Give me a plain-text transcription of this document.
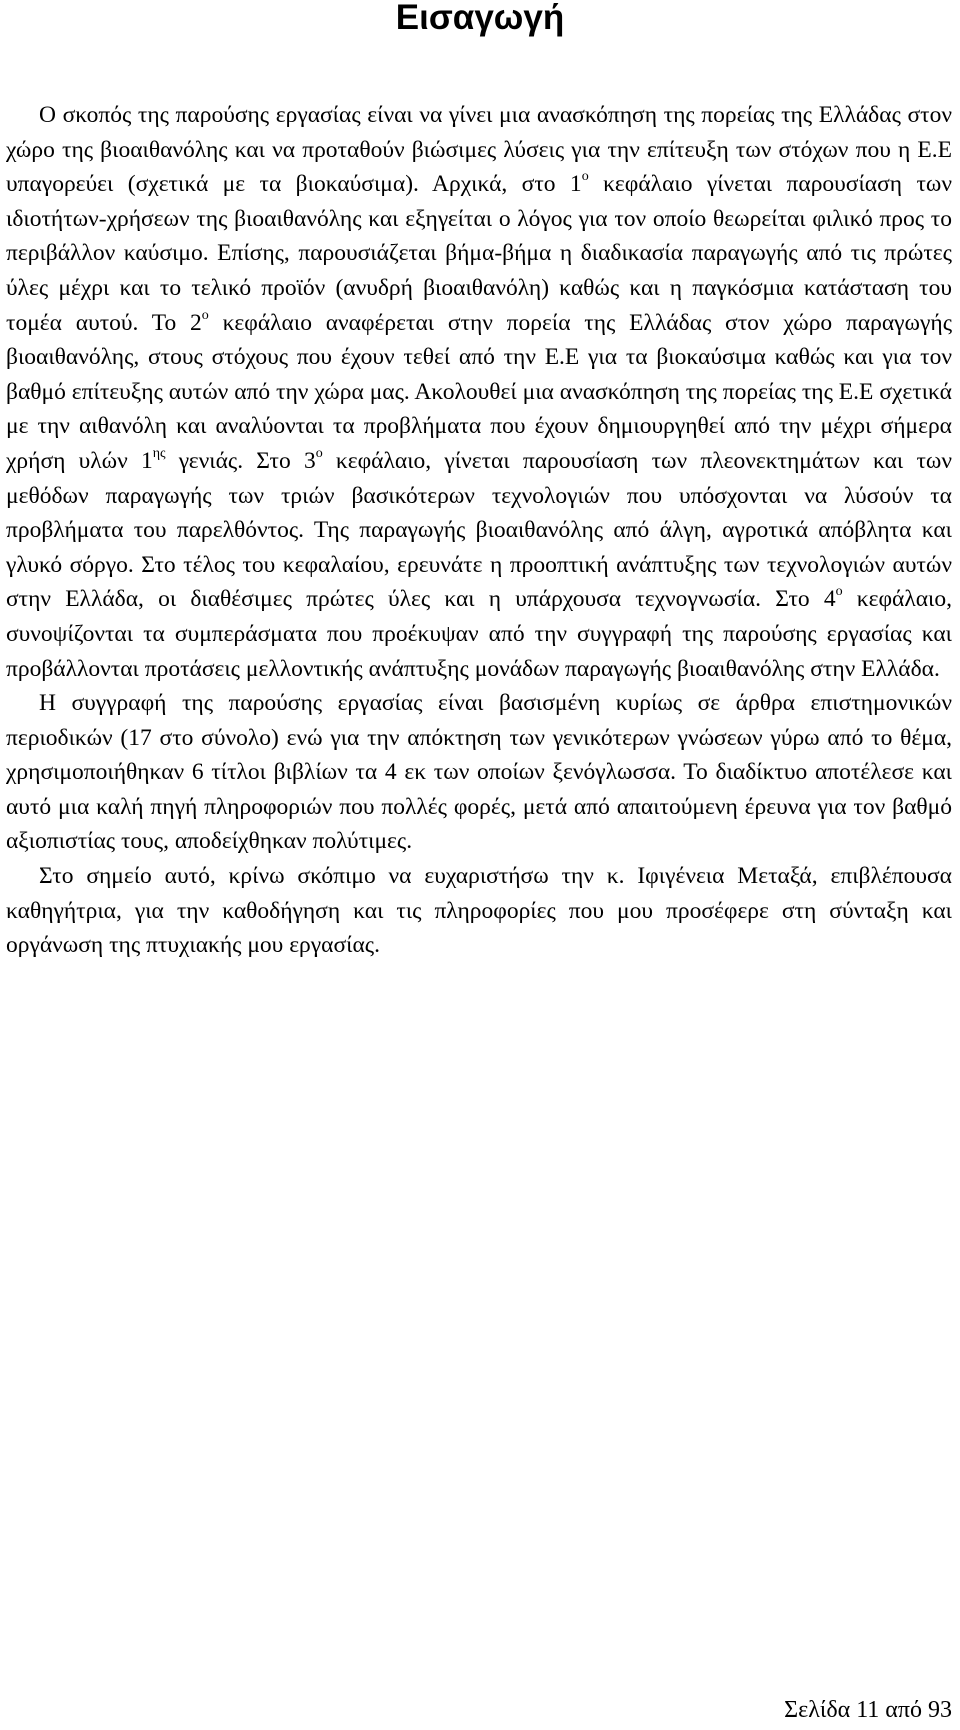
Εισαγωγή

Ο σκοπός της παρούσης εργασίας είναι να γίνει μια ανασκόπηση της πορείας της Ελλάδας στον χώρο της βιοαιθανόλης και να προταθούν βιώσιμες λύσεις για την επίτευξη των στόχων που η Ε.Ε υπαγορεύει (σχετικά με τα βιοκαύσιμα). Αρχικά, στο $1^o$ κεφάλαιο γίνεται παρουσίαση των ιδιοτήτων-χρήσεων της βιοαιθανόλης και εξηγείται ο λόγος για τον οποίο θεωρείται φιλικό προς το περιβάλλον καύσιμο. Επίσης, παρουσιάζεται βήμα-βήμα η διαδικασία παραγωγής από τις πρώτες ύλες μέχρι και το τελικό προϊόν (ανυδρή βιοαιθανόλη) καθώς και η παγκόσμια κατάσταση του τομέα αυτού. Το $2^o$ κεφάλαιο αναφέρεται στην πορεία της Ελλάδας στον χώρο παραγωγής βιοαιθανόλης, στους στόχους που έχουν τεθεί από την Ε.Ε για τα βιοκαύσιμα καθώς και για τον βαθμό επίτευξης αυτών από την χώρα μας. Ακολουθεί μια ανασκόπηση της πορείας της Ε.Ε σχετικά με την αιθανόλη και αναλύονται τα προβλήματα που έχουν δημιουργηθεί από την μέχρι σήμερα χρήση υλών $1^{\eta\varsigma}$ γενιάς. Στο $3^o$ κεφάλαιο, γίνεται παρουσίαση των πλεονεκτημάτων και των μεθόδων παραγωγής των τριών βασικότερων τεχνολογιών που υπόσχονται να λύσούν τα προβλήματα του παρελθόντος. Της παραγωγής βιοαιθανόλης από άλγη, αγροτικά απόβλητα και γλυκό σόργο. Στο τέλος του κεφαλαίου, ερευνάτε η προοπτική ανάπτυξης των τεχνολογιών αυτών στην Ελλάδα, οι διαθέσιμες πρώτες ύλες και η υπάρχουσα τεχνογνωσία. Στο $4^o$ κεφάλαιο, συνοψίζονται τα συμπεράσματα που προέκυψαν από την συγγραφή της παρούσης εργασίας και προβάλλονται προτάσεις μελλοντικής ανάπτυξης μονάδων παραγωγής βιοαιθανόλης στην Ελλάδα.

Η συγγραφή της παρούσης εργασίας είναι βασισμένη κυρίως σε άρθρα επιστημονικών περιοδικών (17 στο σύνολο) ενώ για την απόκτηση των γενικότερων γνώσεων γύρω από το θέμα, χρησιμοποιήθηκαν 6 τίτλοι βιβλίων τα 4 εκ των οποίων ξενόγλωσσα. Το διαδίκτυο αποτέλεσε και αυτό μια καλή πηγή πληροφοριών που πολλές φορές, μετά από απαιτούμενη έρευνα για τον βαθμό αξιοπιστίας τους, αποδείχθηκαν πολύτιμες.

Στο σημείο αυτό, κρίνω σκόπιμο να ευχαριστήσω την κ. Ιφιγένεια Μεταξά, επιβλέπουσα καθηγήτρια, για την καθοδήγηση και τις πληροφορίες που μου προσέφερε στη σύνταξη και οργάνωση της πτυχιακής μου εργασίας.

Σελίδα 11 από 93
